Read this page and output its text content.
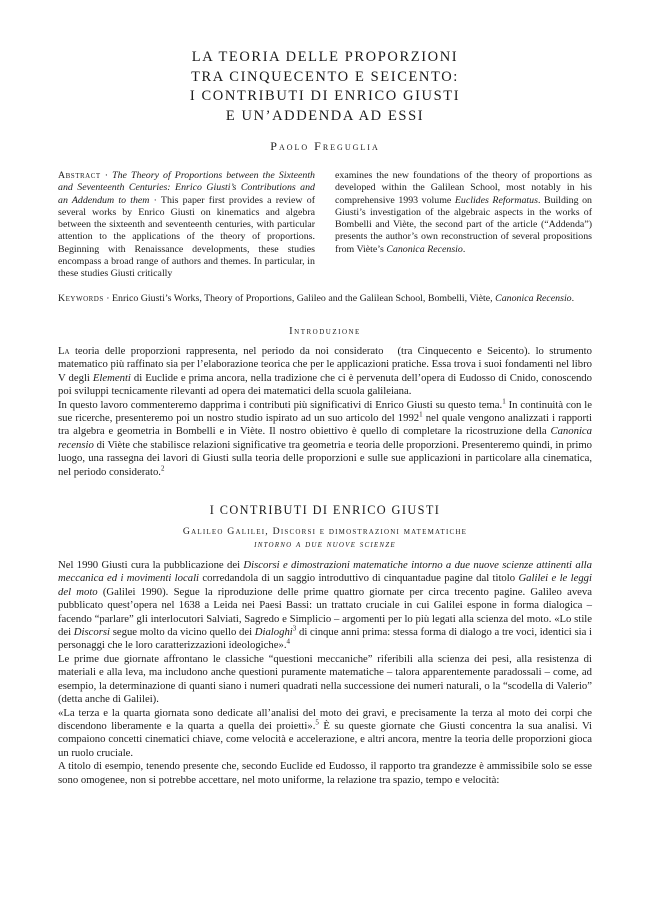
LA TEORIA DELLE PROPORZIONI

TRA CINQUECENTO E SEICENTO:

I CONTRIBUTI DI ENRICO GIUSTI

E UN’ADDENDA AD ESSI

Paolo Freguglia

Abstract · The Theory of Proportions between the Sixteenth and Seventeenth Centuries: Enrico Giusti’s Contributions and an Addendum to them · This paper first provides a review of several works by Enrico Giusti on kinematics and algebra between the sixteenth and seventeenth centuries, with particular attention to the applications of the theory of proportions. Beginning with Renaissance developments, these studies encompass a broad range of authors and themes. In particular, in these studies Giusti critically
examines the new foundations of the theory of proportions as developed within the Galilean School, most notably in his comprehensive 1993 volume Euclides Reformatus. Building on Giusti’s investigation of the algebraic aspects in the works of Bombelli and Viète, the second part of the article (“Addenda”) presents the author’s own reconstruction of several propositions from Viète’s Canonica Recensio.
Keywords · Enrico Giusti’s Works, Theory of Proportions, Galileo and the Galilean School, Bombelli, Viète, Canonica Recensio.
Introduzione

La teoria delle proporzioni rappresenta, nel periodo da noi considerato (tra Cinquecento e Seicento). lo strumento matematico più raffinato sia per l’elaborazione teorica che per le applicazioni pratiche. Essa trova i suoi fondamenti nel libro V degli Elementi di Euclide e prima ancora, nella tradizione che ci è pervenuta dell’opera di Eudosso di Cnido, conoscendo poi sviluppi tecnicamente rilevanti ad opera dei matematici della scuola galileiana.

In questo lavoro commenteremo dapprima i contributi più significativi di Enrico Giusti su questo tema.$^1$ In continuità con le sue ricerche, presenteremo poi un nostro studio ispirato ad un suo articolo del 1992$^1$ nel quale vengono analizzati i rapporti tra algebra e geometria in Bombelli e in Viète. Il nostro obiettivo è quello di completare la ricostruzione della Canonica recensio di Viète che stabilisce relazioni significative tra geometria e teoria delle proporzioni. Presenteremo quindi, in primo luogo, una rassegna dei lavori di Giusti sulla teoria delle proporzioni e sulle sue applicazioni in particolare alla cinematica, nel periodo considerato.$^2$

I CONTRIBUTI DI ENRICO GIUSTI
Galileo Galilei, Discorsi e dimostrazioni matematiche
intorno a due nuove scienze

Nel 1990 Giusti cura la pubblicazione dei Discorsi e dimostrazioni matematiche intorno a due nuove scienze attinenti alla meccanica ed i movimenti locali corredandola di un saggio introduttivo di cinquantadue pagine dal titolo Galilei e le leggi del moto (Galilei 1990). Segue la riproduzione delle prime quattro giornate per circa trecento pagine. Galileo aveva pubblicato quest’opera nel 1638 a Leida nei Paesi Bassi: un trattato cruciale in cui Galilei espone in forma dialogica – facendo “parlare” gli interlocutori Salviati, Sagredo e Simplicio – argomenti per lo più legati alla scienza del moto. «Lo stile dei Discorsi segue molto da vicino quello dei Dialoghi$^3$ di cinque anni prima: stessa forma di dialogo a tre voci, identici sia i personaggi che le loro caratterizzazioni ideologiche».$^4$

Le prime due giornate affrontano le classiche “questioni meccaniche” riferibili alla scienza dei pesi, alla resistenza di materiali e alla leva, ma includono anche questioni puramente matematiche – talora apparentemente paradossali – come, ad esempio, la determinazione di quanti siano i numeri quadrati nella successione dei numeri naturali, o la “scodella di Valerio” (detta anche di Galilei).

«La terza e la quarta giornata sono dedicate all’analisi del moto dei gravi, e precisamente la terza al moto dei corpi che discendono liberamente e la quarta a quella dei proietti».$^5$ È su queste giornate che Giusti concentra la sua analisi. Vi compaiono concetti cinematici chiave, come velocità e accelerazione, e altri ancora, mentre la teoria delle proporzioni gioca un ruolo cruciale.

A titolo di esempio, tenendo presente che, secondo Euclide ed Eudosso, il rapporto tra grandezze è ammissibile solo se esse sono omogenee, non si potrebbe accettare, nel moto uniforme, la relazione tra spazio, tempo e velocità:
